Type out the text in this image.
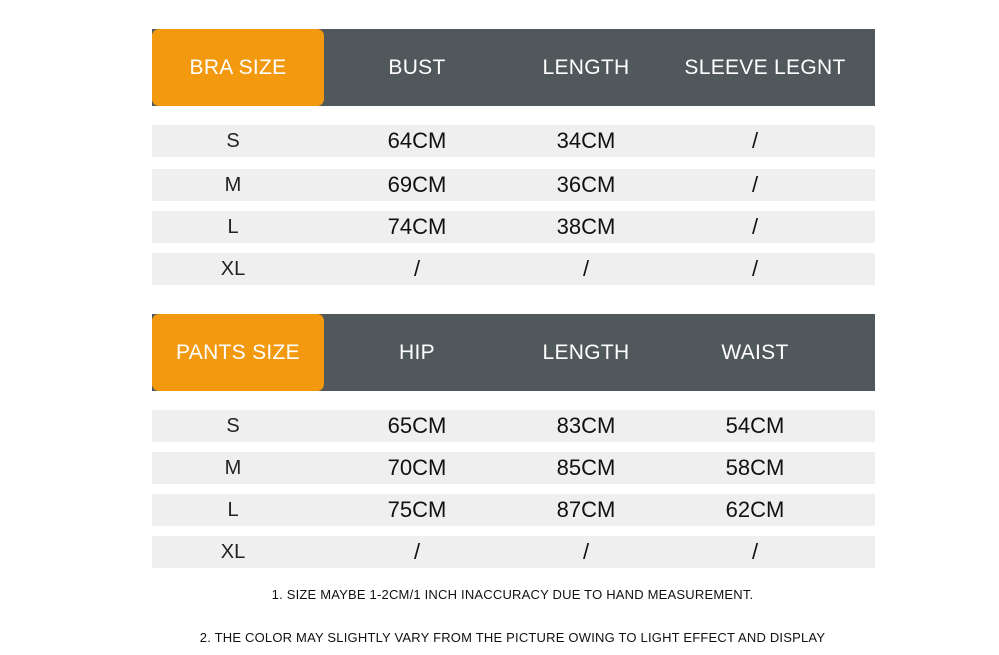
BRA SIZE	BUST	LENGTH	SLEEVE LEGNT
S	64CM	34CM	/
M	69CM	36CM	/
L	74CM	38CM	/
XL	/	/	/
PANTS SIZE	HIP	LENGTH	WAIST
S	65CM	83CM	54CM
M	70CM	85CM	58CM
L	75CM	87CM	62CM
XL	/	/	/
1. SIZE MAYBE 1-2CM/1 INCH INACCURACY DUE TO HAND MEASUREMENT.
2. THE COLOR MAY SLIGHTLY VARY FROM THE PICTURE OWING TO LIGHT EFFECT AND DISPLAY
